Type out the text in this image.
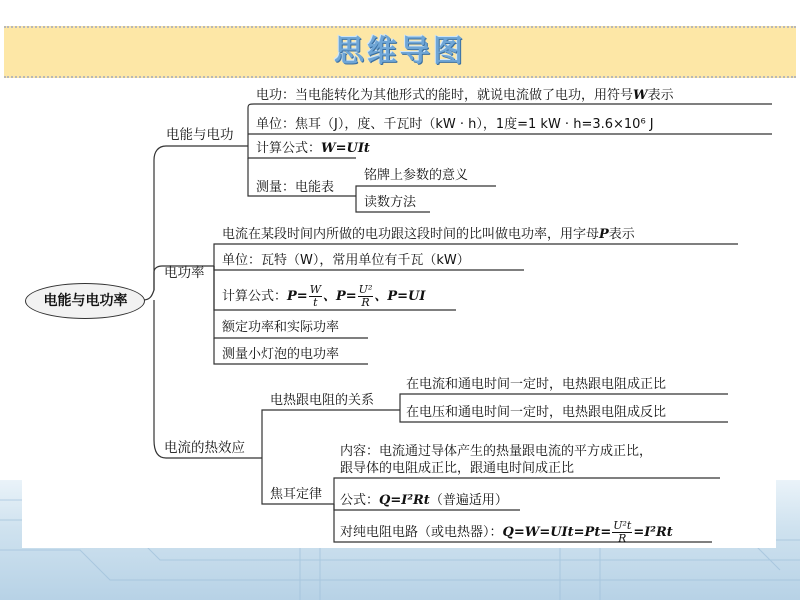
思维导图
电能与电功率
电能与电功
电功：当电能转化为其他形式的能时，就说电流做了电功，用符号W表示
单位：焦耳（J），度、千瓦时（kW · h），1度=1 kW · h=3.6×10⁶ J
计算公式：W=UIt
测量：电能表
铭牌上参数的意义
读数方法
电功率
电流在某段时间内所做的电功跟这段时间的比叫做电功率，用字母P表示
单位：瓦特（W），常用单位有千瓦（kW）
计算公式：$P= \frac{W}{t}$ 、$P= \frac{\text{U²}}{R}$ 、P=UI
额定功率和实际功率
测量小灯泡的电功率
电流的热效应
电热跟电阻的关系
在电流和通电时间一定时，电热跟电阻成正比
在电压和通电时间一定时，电热跟电阻成反比
焦耳定律
内容：电流通过导体产生的热量跟电流的平方成正比，
跟导体的电阻成正比，跟通电时间成正比
公式：Q=I²Rt（普遍适用）
对纯电阻电路（或电热器）：$Q=W=UIt=Pt= \frac{\text{U²t}}{R} =I^2Rt$
